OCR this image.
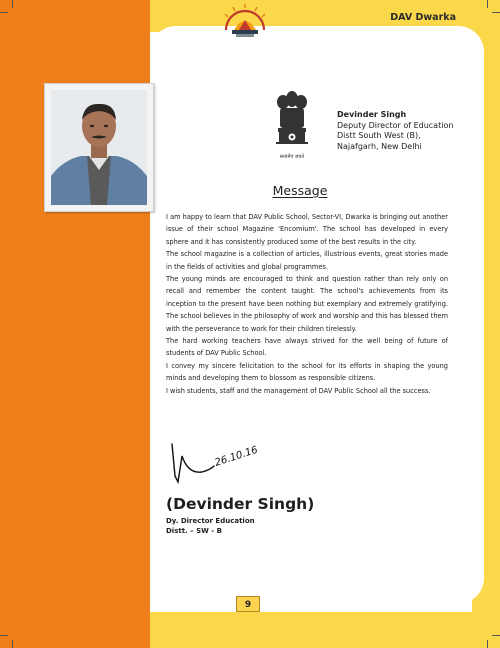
DAV Dwarka
सत्यमेव जयते
Devinder Singh
Deputy Director of Education
Distt South West (B),
Najafgarh, New Delhi
Message

I am happy to learn that DAV Public School, Sector-VI, Dwarka is bringing out another issue of their school Magazine 'Encomium'. The school has developed in every sphere and it has consistently produced some of the best results in the city.

The school magazine is a collection of articles, illustrious events, great stories made in the fields of activities and global programmes.

The young minds are encouraged to think and question rather than rely only on recall and remember the content taught. The school's achievements from its inception to the present have been nothing but exemplary and extremely gratifying. The school believes in the philosophy of work and worship and this has blessed them with the perseverance to work for their children tirelessly.

The hard working teachers have always strived for the well being of future of students of DAV Public School.

I convey my sincere felicitation to the school for its efforts in shaping the young minds and developing them to blossom as responsible citizens.

I wish students, staff and the management of DAV Public School all the success.

26.10.16
(Devinder Singh)
Dy. Director Education
Distt. – SW - B
9
